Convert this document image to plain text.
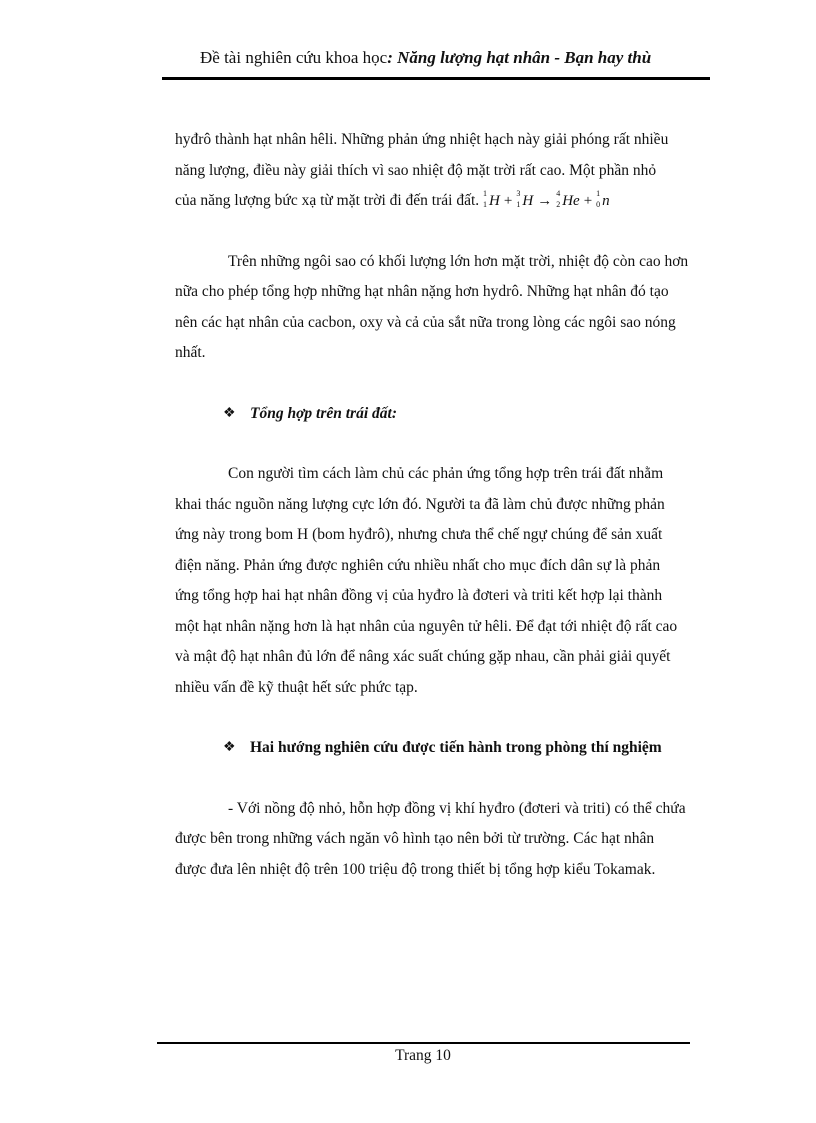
Đề tài nghiên cứu khoa học: Năng lượng hạt nhân - Bạn hay thù
hyđrô thành hạt nhân hêli. Những phản ứng nhiệt hạch này giải phóng rất nhiều
năng lượng, điều này giải thích vì sao nhiệt độ mặt trời rất cao. Một phần nhỏ
của năng lượng bức xạ từ mặt trời đi đến trái đất. 1
1 H + 3
1 H → 4
2 He + 1
0 n
Trên những ngôi sao có khối lượng lớn hơn mặt trời, nhiệt độ còn cao hơn
nữa cho phép tổng hợp những hạt nhân nặng hơn hydrô. Những hạt nhân đó tạo
nên các hạt nhân của cacbon, oxy và cả của sắt nữa trong lòng các ngôi sao nóng
nhất.
❖ Tổng hợp trên trái đất:
Con người tìm cách làm chủ các phản ứng tổng hợp trên trái đất nhằm
khai thác nguồn năng lượng cực lớn đó. Người ta đã làm chủ được những phản
ứng này trong bom H (bom hyđrô), nhưng chưa thể chế ngự chúng để sản xuất
điện năng. Phản ứng được nghiên cứu nhiều nhất cho mục đích dân sự là phản
ứng tổng hợp hai hạt nhân đồng vị của hyđro là đơteri và triti kết hợp lại thành
một hạt nhân nặng hơn là hạt nhân của nguyên tử hêli. Để đạt tới nhiệt độ rất cao
và mật độ hạt nhân đủ lớn để nâng xác suất chúng gặp nhau, cần phải giải quyết
nhiều vấn đề kỹ thuật hết sức phức tạp.
❖ Hai hướng nghiên cứu được tiến hành trong phòng thí nghiệm
- Với nồng độ nhỏ, hỗn hợp đồng vị khí hyđro (đơteri và triti) có thể chứa
được bên trong những vách ngăn vô hình tạo nên bởi từ trường. Các hạt nhân
được đưa lên nhiệt độ trên 100 triệu độ trong thiết bị tổng hợp kiểu Tokamak.
Trang 10
